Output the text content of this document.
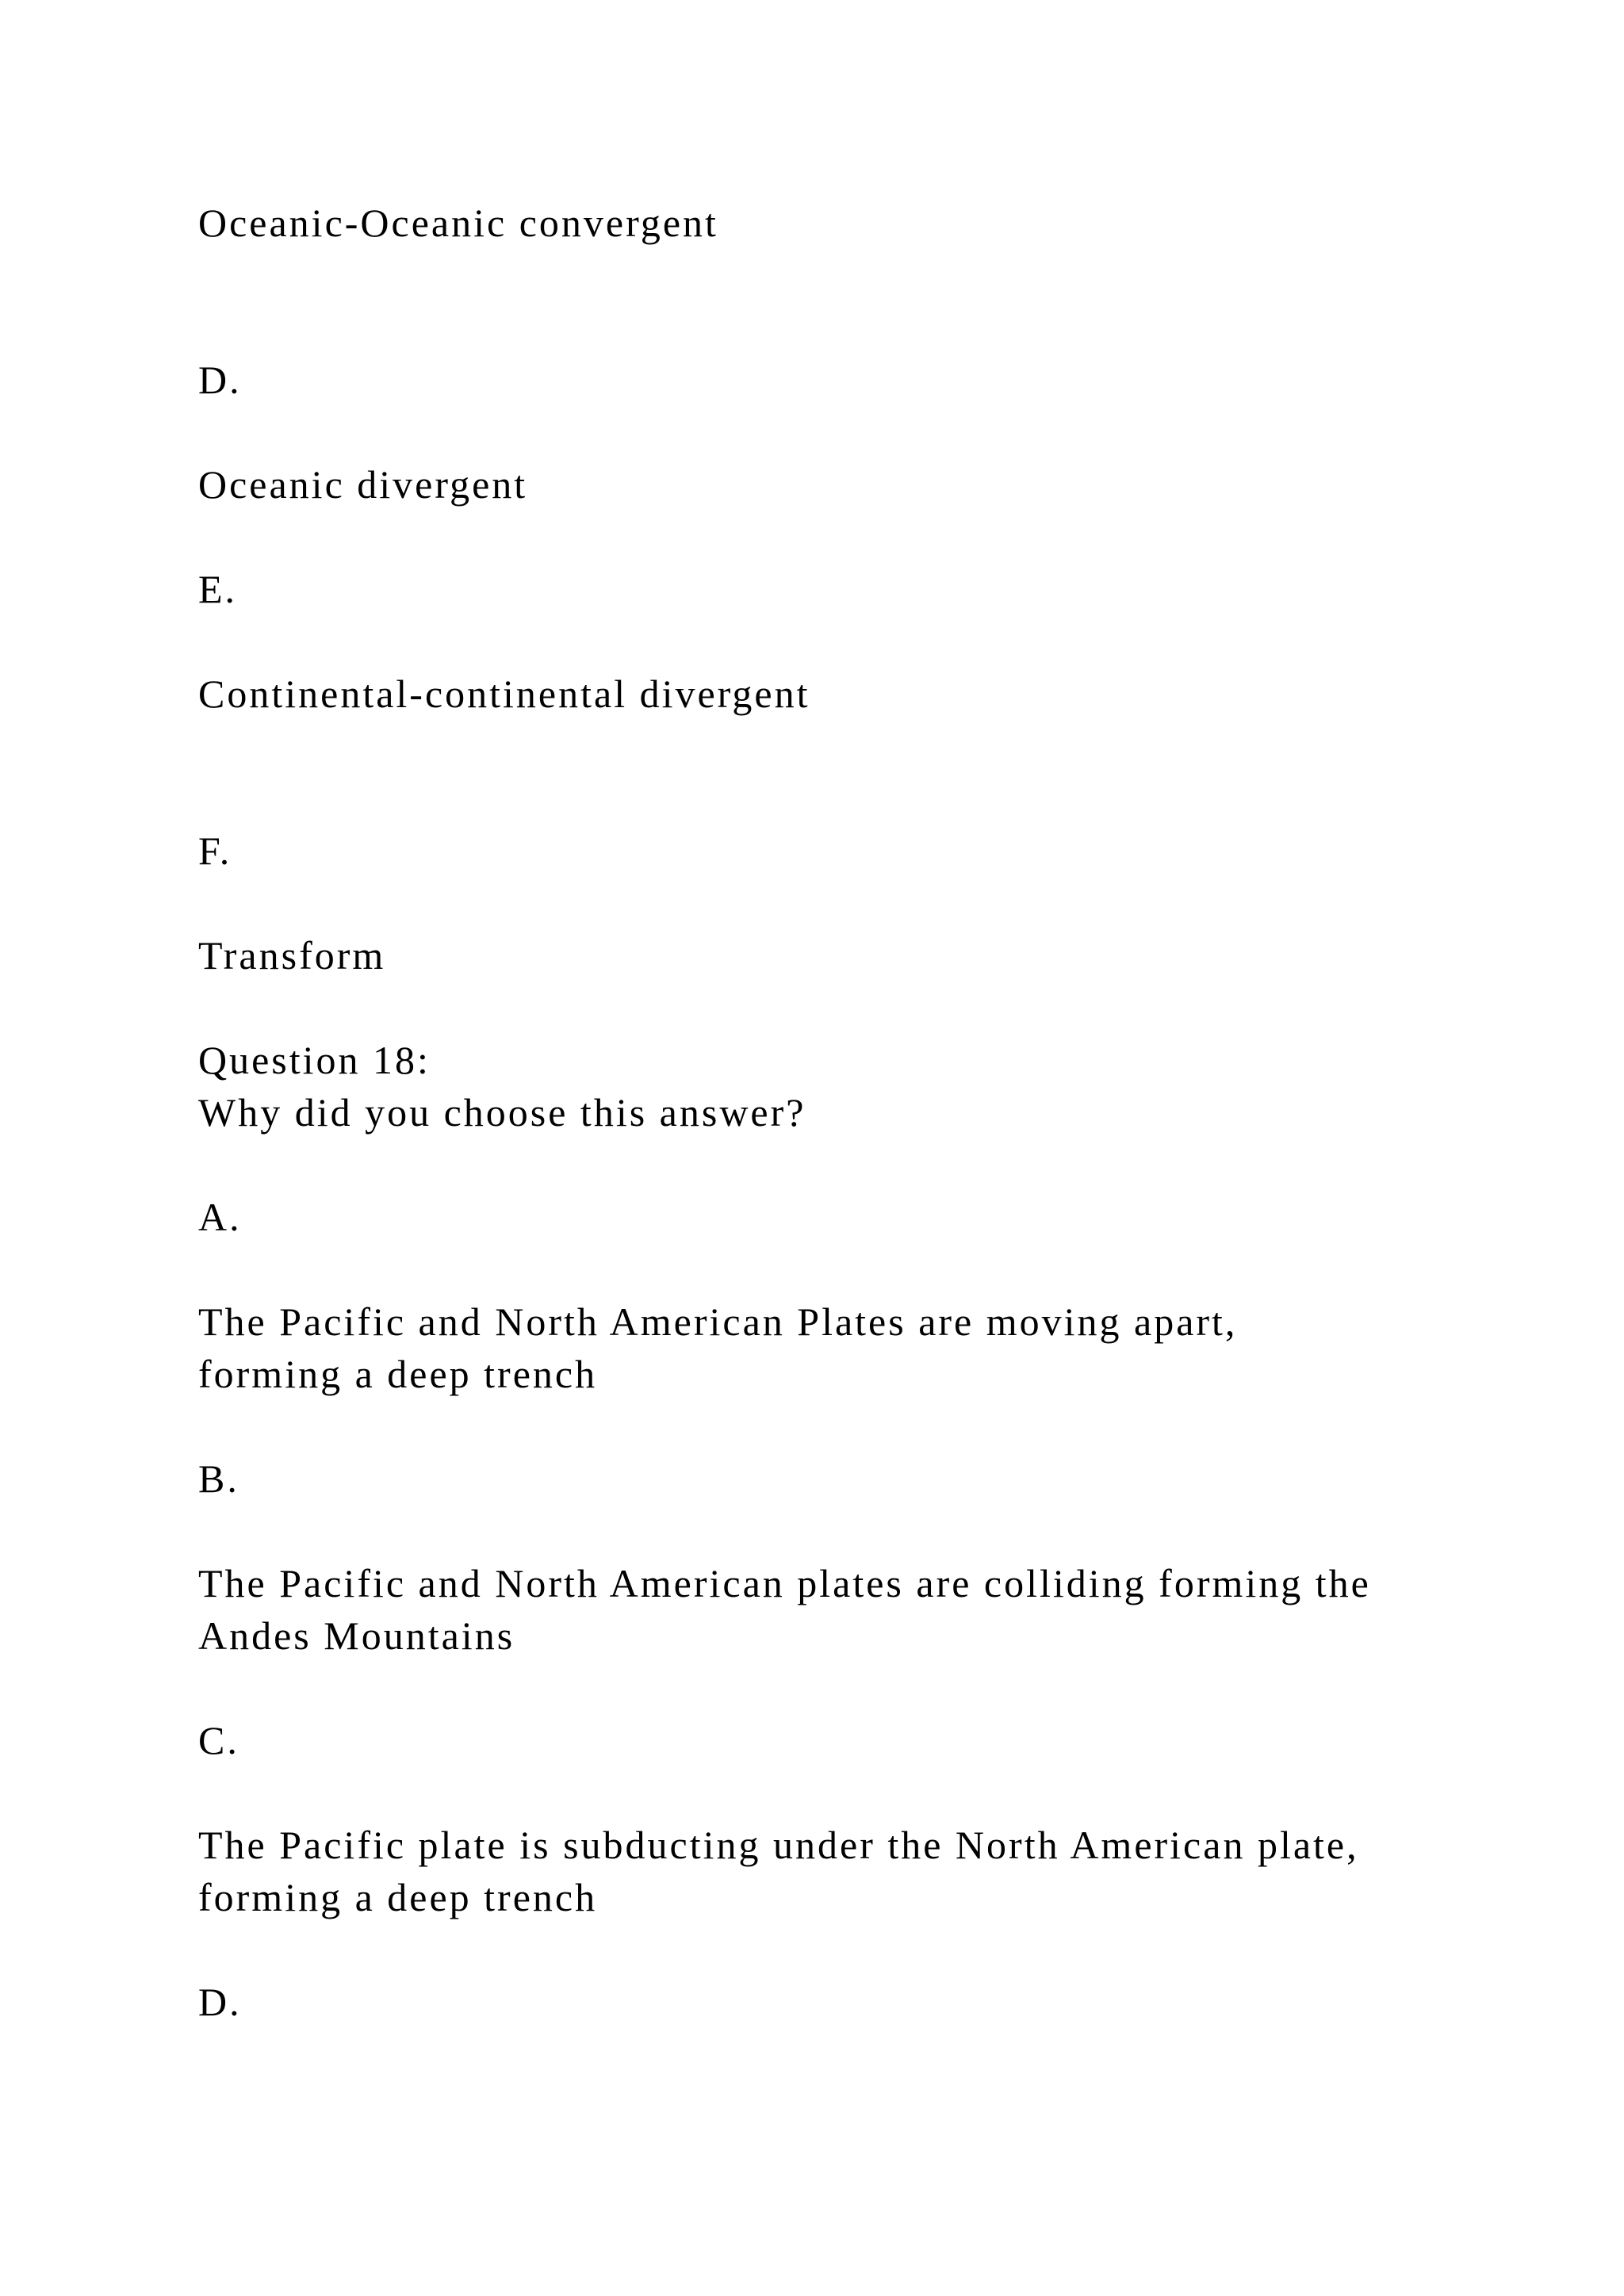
Oceanic-Oceanic convergent

D.

Oceanic divergent

E.

Continental-continental divergent

F.

Transform

Question 18:
Why did you choose this answer?

A.

The Pacific and North American Plates are moving apart,
forming a deep trench

B.

The Pacific and North American plates are colliding forming the
Andes Mountains

C.

The Pacific plate is subducting under the North American plate,
forming a deep trench

D.
